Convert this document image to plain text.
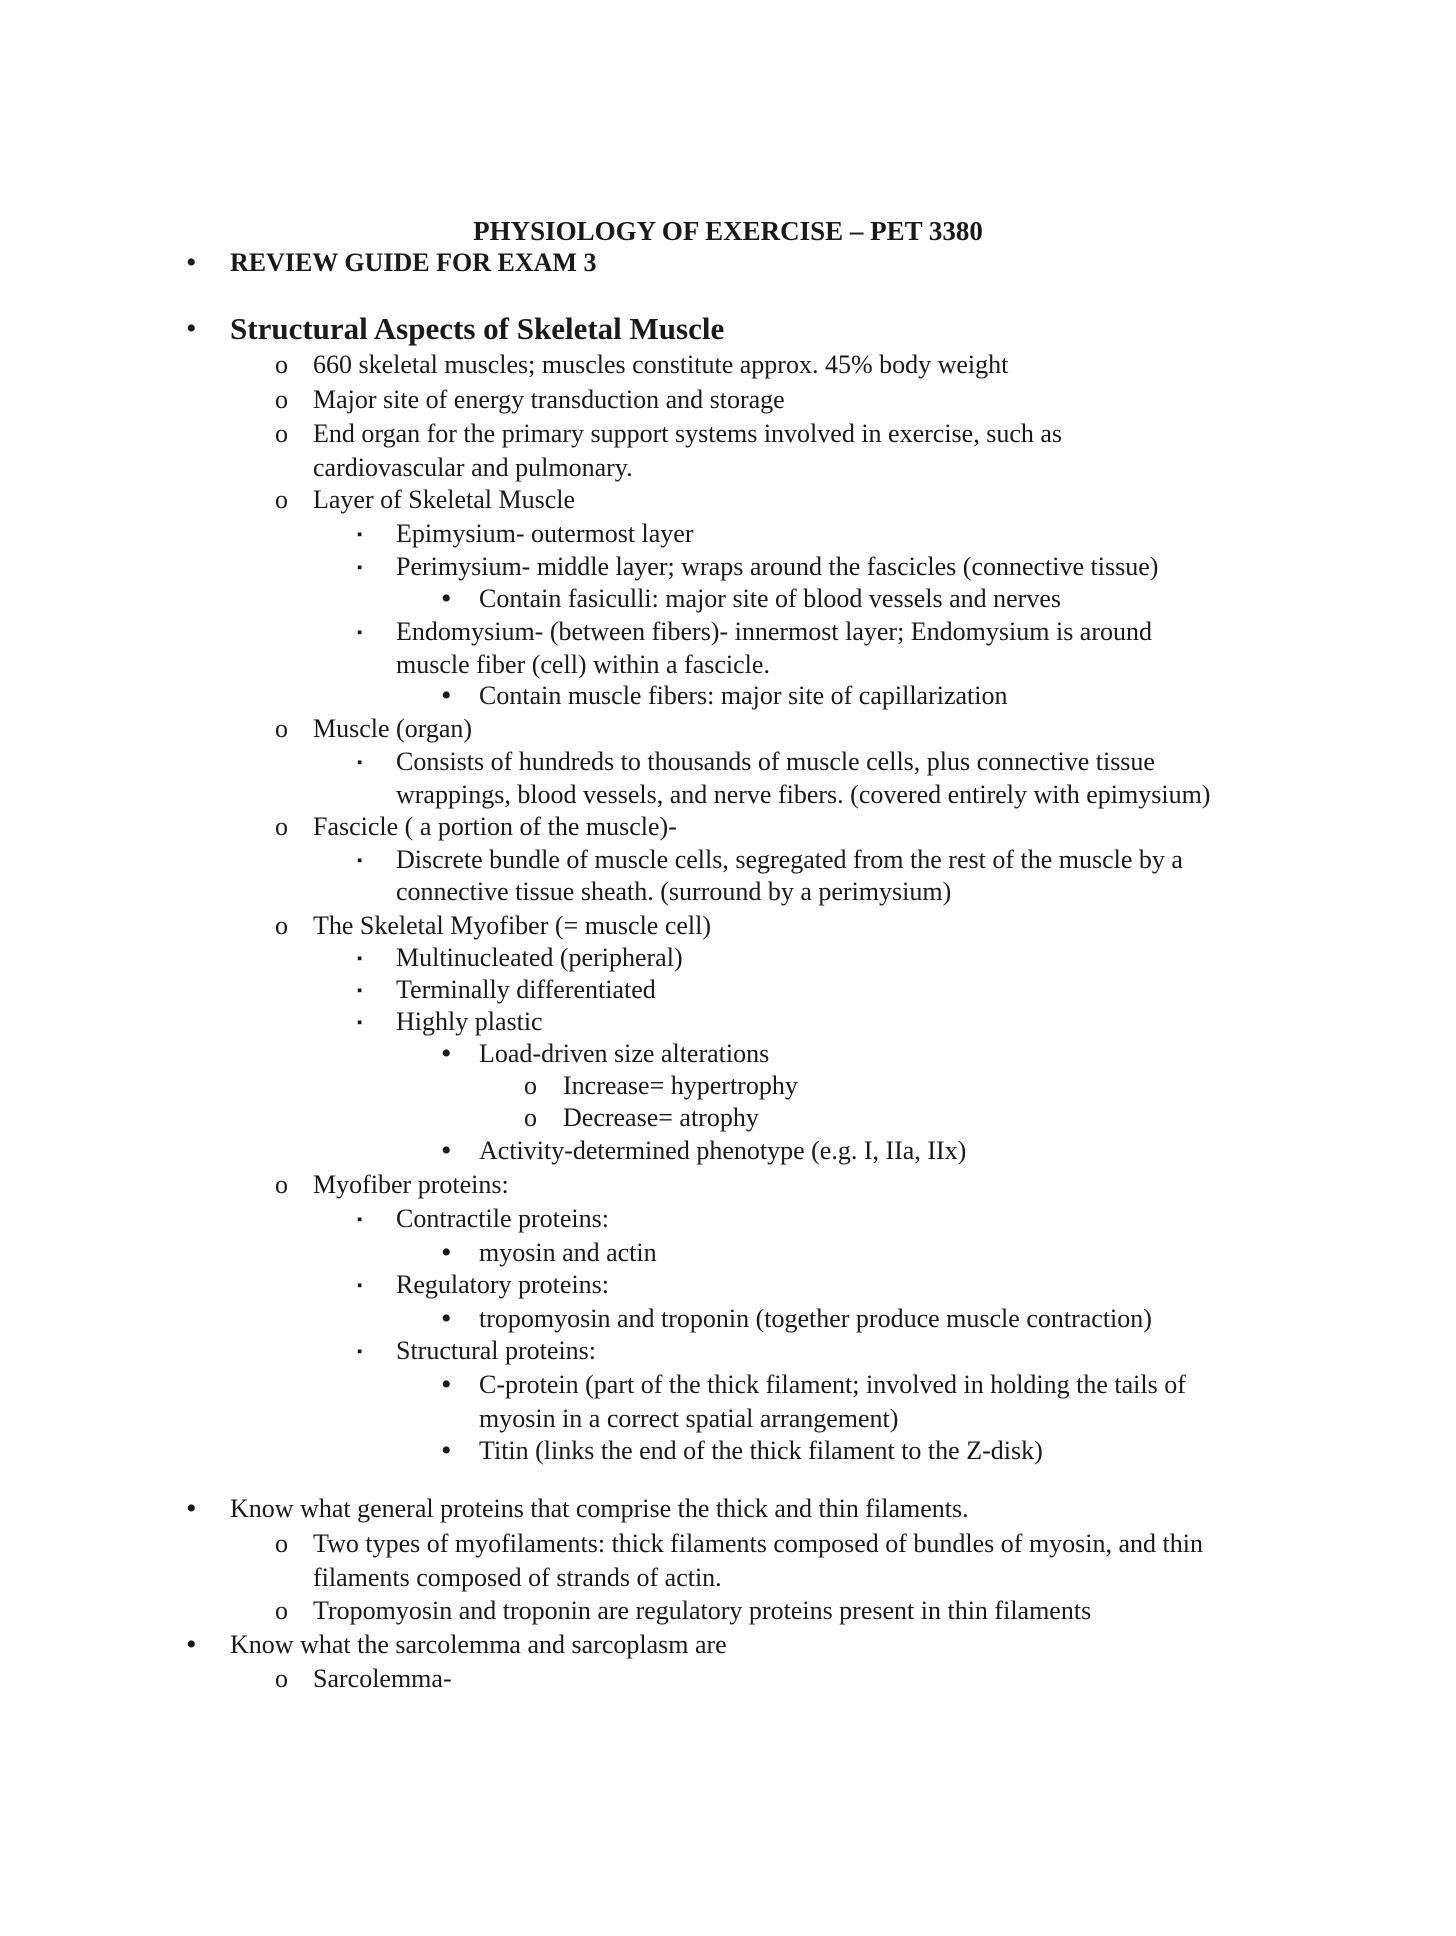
PHYSIOLOGY OF EXERCISE – PET 3380
• REVIEW GUIDE FOR EXAM 3
• Structural Aspects of Skeletal Muscle
o 660 skeletal muscles; muscles constitute approx. 45% body weight
o Major site of energy transduction and storage
o End organ for the primary support systems involved in exercise, such as
cardiovascular and pulmonary.
o Layer of Skeletal Muscle
▪ Epimysium- outermost layer
▪ Perimysium- middle layer; wraps around the fascicles (connective tissue)
• Contain fasiculli: major site of blood vessels and nerves
▪ Endomysium- (between fibers)- innermost layer; Endomysium is around
muscle fiber (cell) within a fascicle.
• Contain muscle fibers: major site of capillarization
o Muscle (organ)
▪ Consists of hundreds to thousands of muscle cells, plus connective tissue
wrappings, blood vessels, and nerve fibers. (covered entirely with epimysium)
o Fascicle ( a portion of the muscle)-
▪ Discrete bundle of muscle cells, segregated from the rest of the muscle by a
connective tissue sheath. (surround by a perimysium)
o The Skeletal Myofiber (= muscle cell)
▪ Multinucleated (peripheral)
▪ Terminally differentiated
▪ Highly plastic
• Load-driven size alterations
o Increase= hypertrophy
o Decrease= atrophy
• Activity-determined phenotype (e.g. I, IIa, IIx)
o Myofiber proteins:
▪ Contractile proteins:
• myosin and actin
▪ Regulatory proteins:
• tropomyosin and troponin (together produce muscle contraction)
▪ Structural proteins:
• C-protein (part of the thick filament; involved in holding the tails of
myosin in a correct spatial arrangement)
• Titin (links the end of the thick filament to the Z-disk)
• Know what general proteins that comprise the thick and thin filaments.
o Two types of myofilaments: thick filaments composed of bundles of myosin, and thin
filaments composed of strands of actin.
o Tropomyosin and troponin are regulatory proteins present in thin filaments
• Know what the sarcolemma and sarcoplasm are
o Sarcolemma-
